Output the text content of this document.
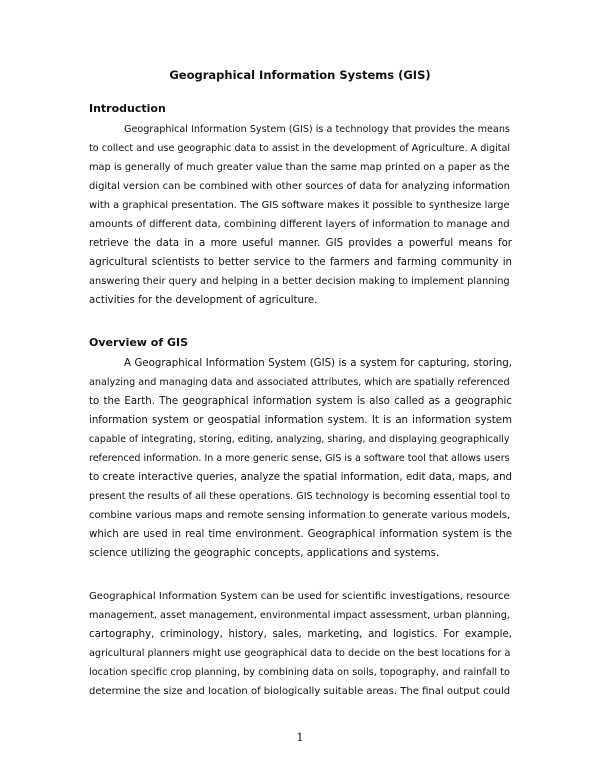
Geographical Information Systems (GIS)
Introduction
Geographical Information System (GIS) is a technology that provides the means
to collect and use geographic data to assist in the development of Agriculture. A digital
map is generally of much greater value than the same map printed on a paper as the
digital version can be combined with other sources of data for analyzing information
with a graphical presentation. The GIS software makes it possible to synthesize large
amounts of different data, combining different layers of information to manage and
retrieve the data in a more useful manner. GIS provides a powerful means for
agricultural scientists to better service to the farmers and farming community in
answering their query and helping in a better decision making to implement planning
activities for the development of agriculture.
Overview of GIS
A Geographical Information System (GIS) is a system for capturing, storing,
analyzing and managing data and associated attributes, which are spatially referenced
to the Earth. The geographical information system is also called as a geographic
information system or geospatial information system. It is an information system
capable of integrating, storing, editing, analyzing, sharing, and displaying geographically
referenced information. In a more generic sense, GIS is a software tool that allows users
to create interactive queries, analyze the spatial information, edit data, maps, and
present the results of all these operations. GIS technology is becoming essential tool to
combine various maps and remote sensing information to generate various models,
which are used in real time environment. Geographical information system is the
science utilizing the geographic concepts, applications and systems.
Geographical Information System can be used for scientific investigations, resource
management, asset management, environmental impact assessment, urban planning,
cartography, criminology, history, sales, marketing, and logistics. For example,
agricultural planners might use geographical data to decide on the best locations for a
location specific crop planning, by combining data on soils, topography, and rainfall to
determine the size and location of biologically suitable areas. The final output could
1
